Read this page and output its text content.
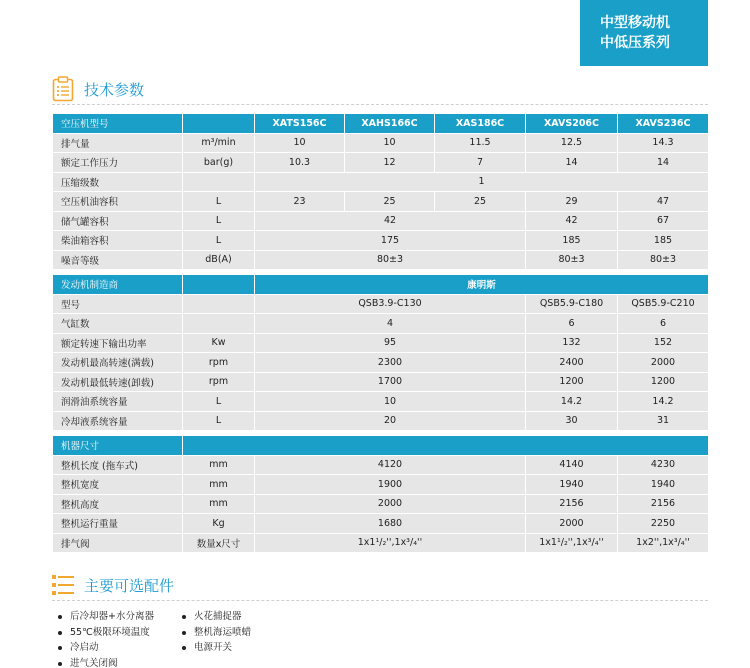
中型移动机
中低压系列
技术参数
空压机型号		XATS156C	XAHS166C	XAS186C	XAVS206C	XAVS236C
排气量	m³/min	10	10	11.5	12.5	14.3
额定工作压力	bar(g)	10.3	12	7	14	14
压缩级数		1				
空压机油容积	L	23	25	25	29	47
储气罐容积	L	42			42	67
柴油箱容积	L	175			185	185
噪音等级	dB(A)	80±3			80±3	80±3

发动机制造商		康明斯				
型号		QSB3.9-C130			QSB5.9-C180	QSB5.9-C210
气缸数		4			6	6
额定转速下输出功率	Kw	95			132	152
发动机最高转速(满载)	rpm	2300			2400	2000
发动机最低转速(卸载)	rpm	1700			1200	1200
润滑油系统容量	L	10			14.2	14.2
冷却液系统容量	L	20			30	31

机器尺寸						
整机长度 (拖车式)	mm	4120			4140	4230
整机宽度	mm	1900			1940	1940
整机高度	mm	2000			2156	2156
整机运行重量	Kg	1680			2000	2250
排气阀	数量x尺寸	1x1¹/₂'',1x³/₄''			1x1¹/₂'',1x³/₄''	1x2'',1x³/₄''
主要可选配件
后冷却器+水分离器
55℃极限环境温度
冷启动
进气关闭阀
火花捕捉器
整机海运喷蜡
电源开关
